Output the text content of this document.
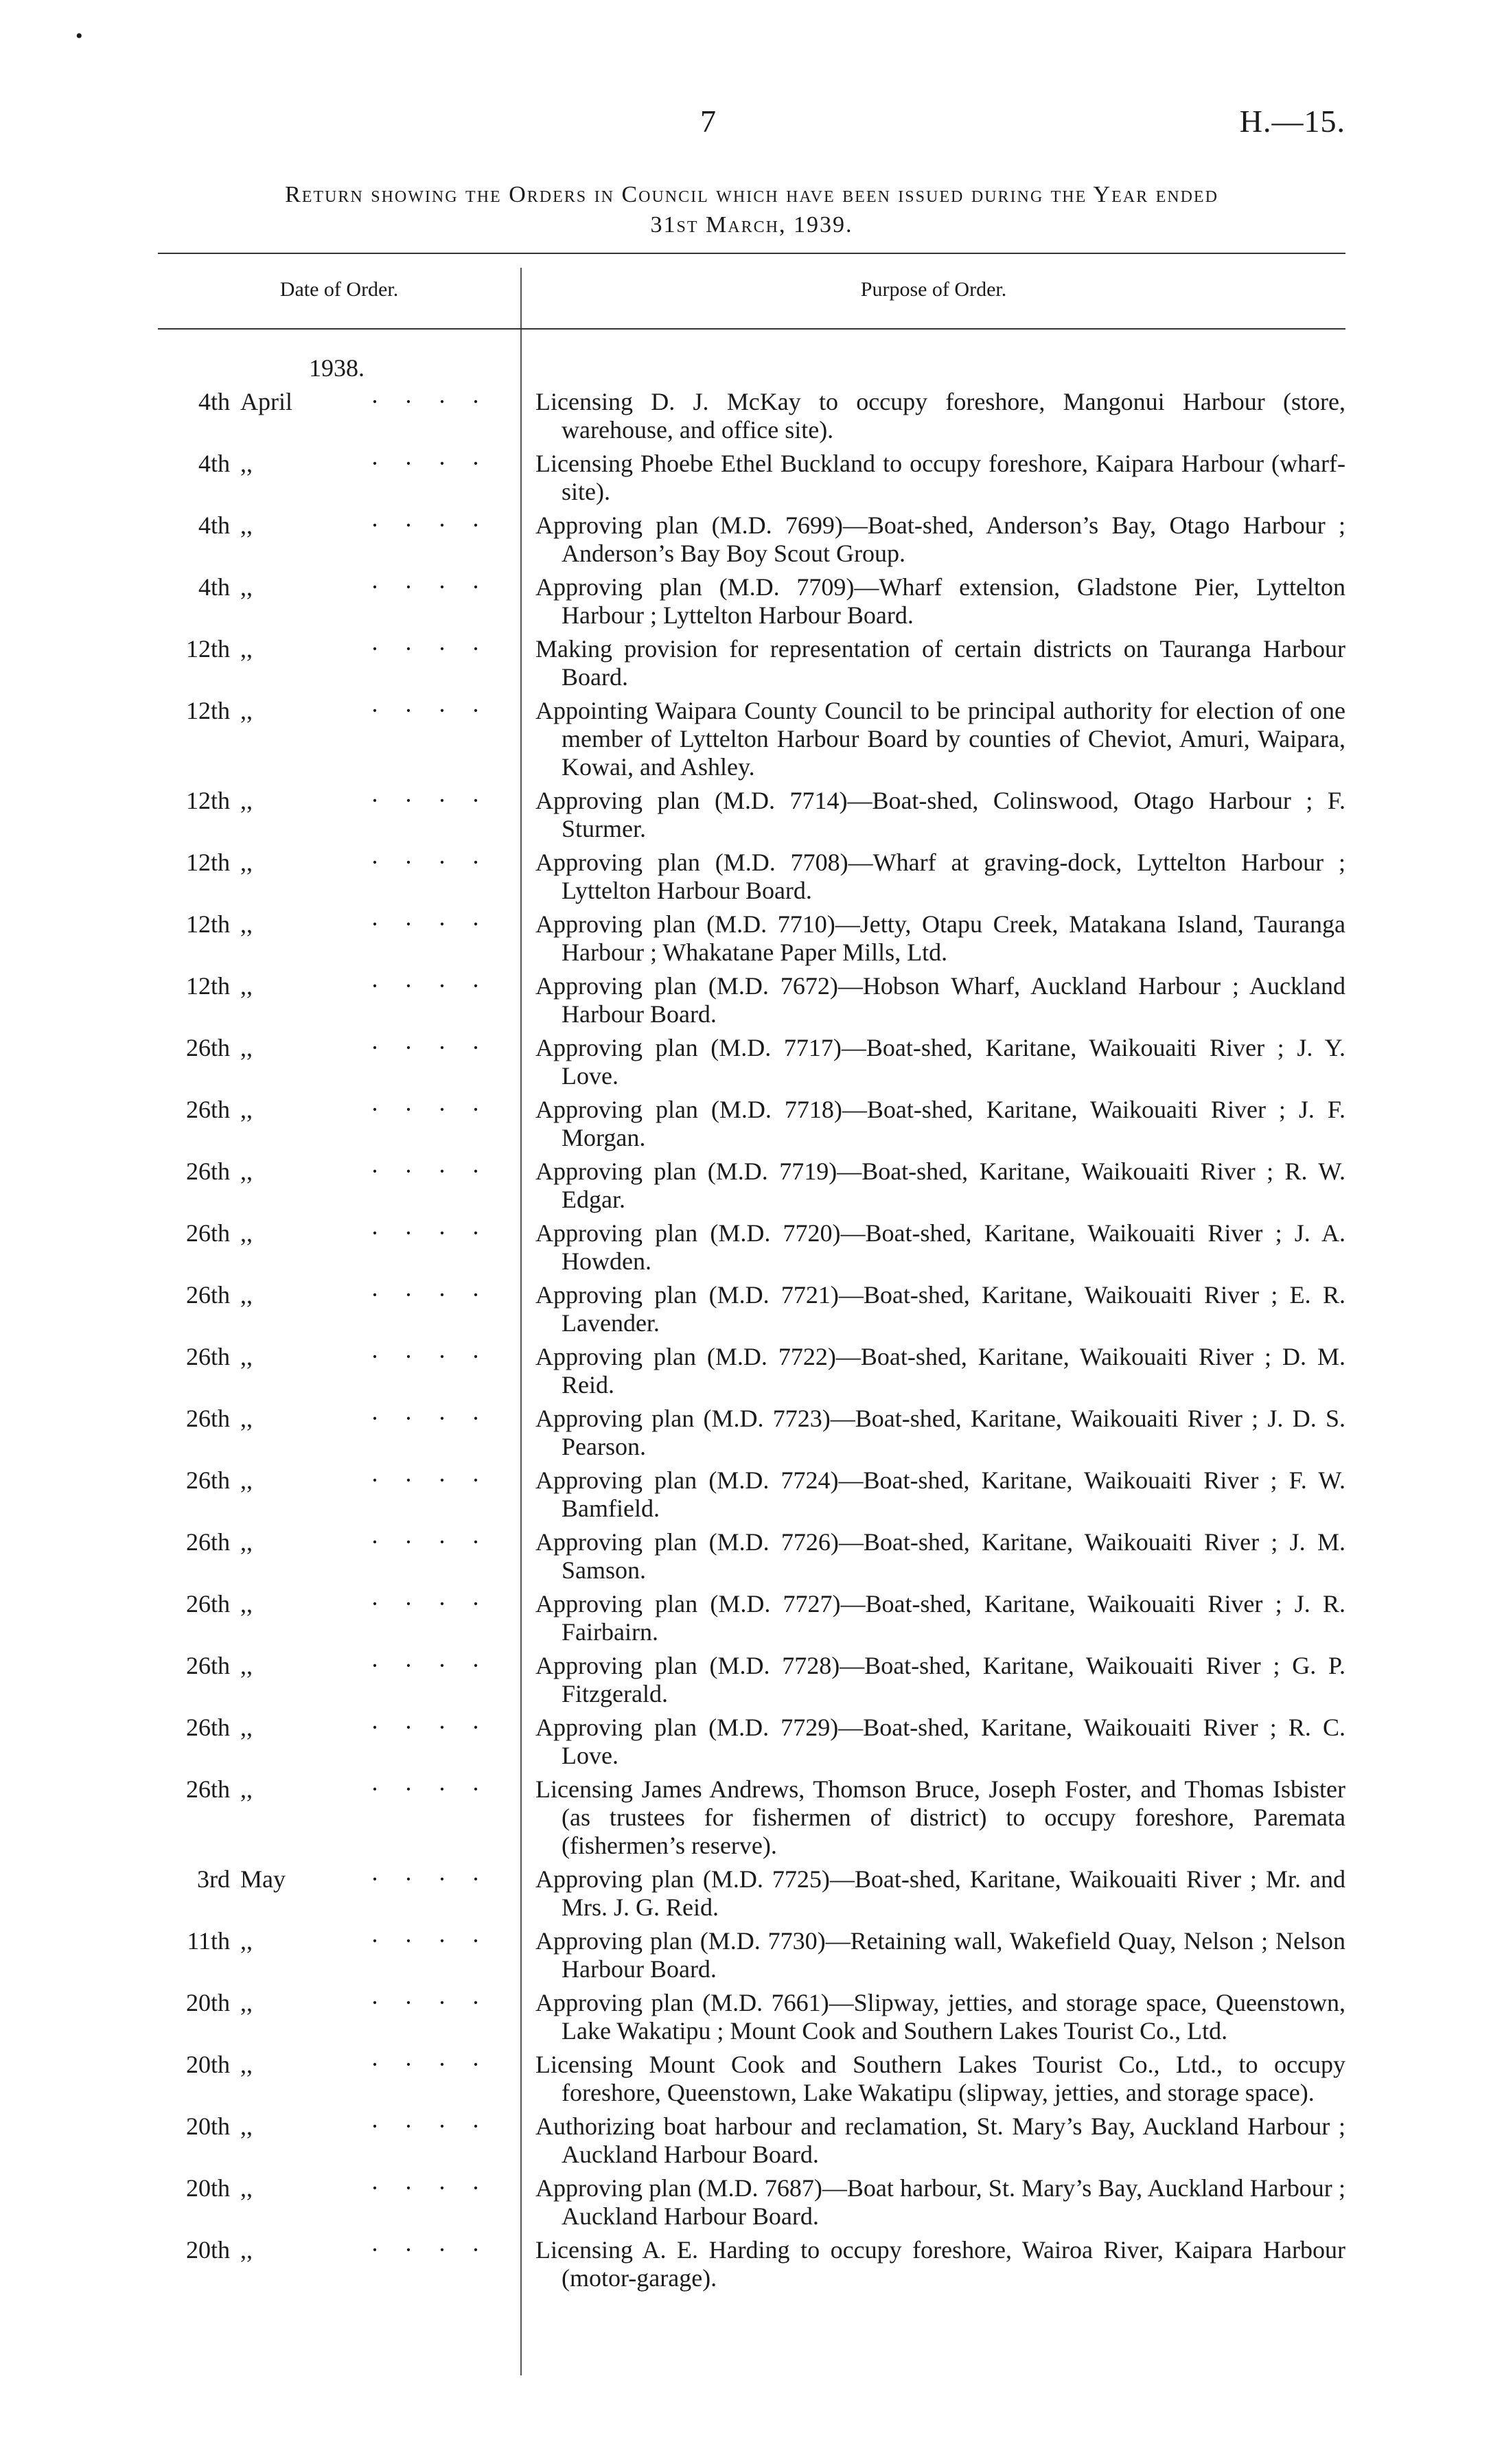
•
7	H.—15.
Return showing the Orders in Council which have been issued during the Year ended
31st March, 1939.
Date of Order.	Purpose of Order.
1938.
4th April	· · · · Licensing D. J. McKay to occupy foreshore, Mangonui Harbour (store, warehouse, and office site).
4th ,,	· · · · Licensing Phoebe Ethel Buckland to occupy foreshore, Kaipara Harbour (wharf-site).
4th ,,	· · · · Approving plan (M.D. 7699)—Boat-shed, Anderson’s Bay, Otago Harbour ; Anderson’s Bay Boy Scout Group.
4th ,,	· · · · Approving plan (M.D. 7709)—Wharf extension, Gladstone Pier, Lyttelton Harbour ; Lyttelton Harbour Board.
12th ,,	· · · · Making provision for representation of certain districts on Tauranga Harbour Board.
12th ,,	· · · · Appointing Waipara County Council to be principal authority for election of one member of Lyttelton Harbour Board by counties of Cheviot, Amuri, Waipara, Kowai, and Ashley.
12th ,,	· · · · Approving plan (M.D. 7714)—Boat-shed, Colinswood, Otago Harbour ; F. Sturmer.
12th ,,	· · · · Approving plan (M.D. 7708)—Wharf at graving-dock, Lyttelton Harbour ; Lyttelton Harbour Board.
12th ,,	· · · · Approving plan (M.D. 7710)—Jetty, Otapu Creek, Matakana Island, Tauranga Harbour ; Whakatane Paper Mills, Ltd.
12th ,,	· · · · Approving plan (M.D. 7672)—Hobson Wharf, Auckland Harbour ; Auckland Harbour Board.
26th ,,	· · · · Approving plan (M.D. 7717)—Boat-shed, Karitane, Waikouaiti River ; J. Y. Love.
26th ,,	· · · · Approving plan (M.D. 7718)—Boat-shed, Karitane, Waikouaiti River ; J. F. Morgan.
26th ,,	· · · · Approving plan (M.D. 7719)—Boat-shed, Karitane, Waikouaiti River ; R. W. Edgar.
26th ,,	· · · · Approving plan (M.D. 7720)—Boat-shed, Karitane, Waikouaiti River ; J. A. Howden.
26th ,,	· · · · Approving plan (M.D. 7721)—Boat-shed, Karitane, Waikouaiti River ; E. R. Lavender.
26th ,,	· · · · Approving plan (M.D. 7722)—Boat-shed, Karitane, Waikouaiti River ; D. M. Reid.
26th ,,	· · · · Approving plan (M.D. 7723)—Boat-shed, Karitane, Waikouaiti River ; J. D. S. Pearson.
26th ,,	· · · · Approving plan (M.D. 7724)—Boat-shed, Karitane, Waikouaiti River ; F. W. Bamfield.
26th ,,	· · · · Approving plan (M.D. 7726)—Boat-shed, Karitane, Waikouaiti River ; J. M. Samson.
26th ,,	· · · · Approving plan (M.D. 7727)—Boat-shed, Karitane, Waikouaiti River ; J. R. Fairbairn.
26th ,,	· · · · Approving plan (M.D. 7728)—Boat-shed, Karitane, Waikouaiti River ; G. P. Fitzgerald.
26th ,,	· · · · Approving plan (M.D. 7729)—Boat-shed, Karitane, Waikouaiti River ; R. C. Love.
26th ,,	· · · · Licensing James Andrews, Thomson Bruce, Joseph Foster, and Thomas Isbister (as trustees for fishermen of district) to occupy foreshore, Paremata (fishermen’s reserve).
3rd May	· · · · Approving plan (M.D. 7725)—Boat-shed, Karitane, Waikouaiti River ; Mr. and Mrs. J. G. Reid.
11th ,,	· · · · Approving plan (M.D. 7730)—Retaining wall, Wakefield Quay, Nelson ; Nelson Harbour Board.
20th ,,	· · · · Approving plan (M.D. 7661)—Slipway, jetties, and storage space, Queenstown, Lake Wakatipu ; Mount Cook and Southern Lakes Tourist Co., Ltd.
20th ,,	· · · · Licensing Mount Cook and Southern Lakes Tourist Co., Ltd., to occupy foreshore, Queenstown, Lake Wakatipu (slipway, jetties, and storage space).
20th ,,	· · · · Authorizing boat harbour and reclamation, St. Mary’s Bay, Auckland Harbour ; Auckland Harbour Board.
20th ,,	· · · · Approving plan (M.D. 7687)—Boat harbour, St. Mary’s Bay, Auckland Harbour ; Auckland Harbour Board.
20th ,,	· · · · Licensing A. E. Harding to occupy foreshore, Wairoa River, Kaipara Harbour (motor-garage).
